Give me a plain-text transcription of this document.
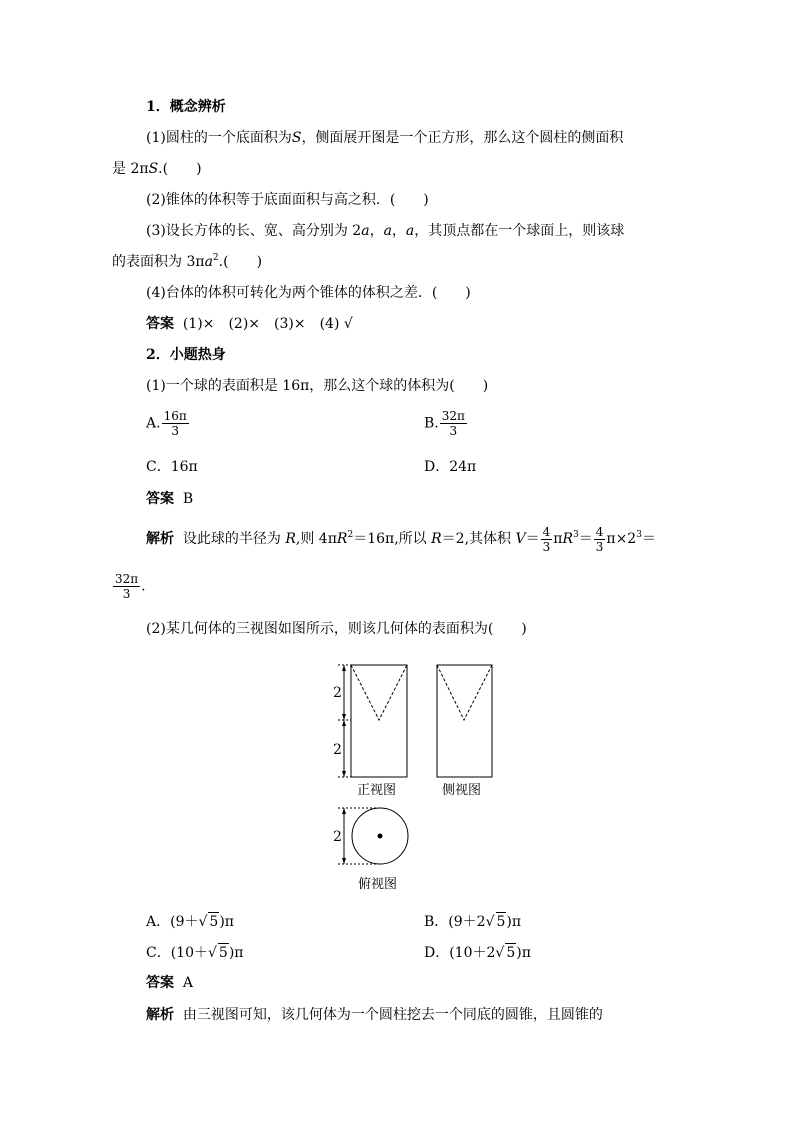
1．概念辨析
(1)圆柱的一个底面积为S，侧面展开图是一个正方形，那么这个圆柱的侧面积
是 2πS.(　　)
(2)锥体的体积等于底面面积与高之积．(　　)
(3)设长方体的长、宽、高分别为 2a，a，a，其顶点都在一个球面上，则该球
的表面积为 $3\pi a^2$.(　　)
(4)台体的体积可转化为两个锥体的体积之差．(　　)
答案 (1)×　(2)×　(3)×　(4) √
2．小题热身
(1)一个球的表面积是 16π，那么这个球的体积为(　　)
A. $\frac{16\pi}{3}$	B. $\frac{32\pi}{3}$
C．16π	D．24π
答案 B
解析 设此球的半径为 R,则 $4\pi R^2=16\pi$,所以 R＝2,其体积 $V= \frac{4}{3} \pi R^3= \frac{4}{3} \pi\times 2^3=$
$\frac{32\pi}{3}$ .
(2)某几何体的三视图如图所示，则该几何体的表面积为(　　)
2
2
正视图	侧视图
2
俯视图
A．(9＋√ 5)π	B．(9＋2√ 5)π
C．(10＋√ 5)π	D．(10＋2√ 5)π
答案 A
解析 由三视图可知，该几何体为一个圆柱挖去一个同底的圆锥，且圆锥的
